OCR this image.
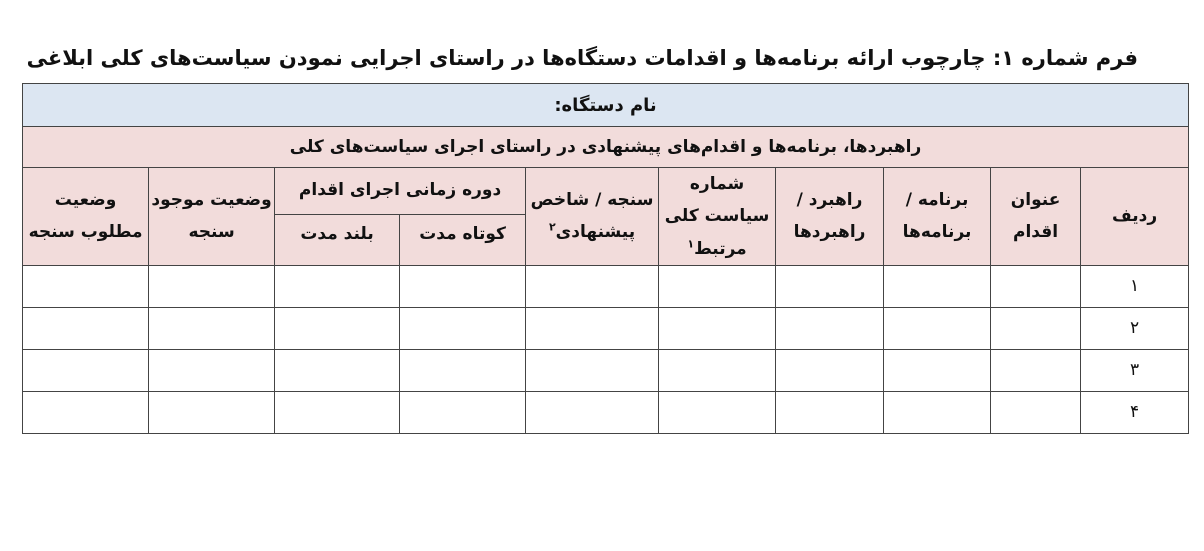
فرم شماره ۱: چارچوب ارائه برنامه‌ها و اقدامات دستگاه‌ها در راستای اجرایی نمودن سیاست‌های کلی ابلاغی
نام دستگاه:									
راهبردها، برنامه‌ها و اقدام‌های پیشنهادی در راستای اجرای سیاست‌های کلی									
ردیف	عنوان اقدام	برنامه /برنامه‌ها	راهبرد / راهبردها	شماره سیاست کلی مرتبط$^۱$	سنجه / شاخص پیشنهادی$^۲$	دوره زمانی اجرای اقدام		وضعیت موجود سنجه	وضعیت مطلوب سنجه
						کوتاه مدت	بلند مدت		
۱									
۲									
۳									
۴									
